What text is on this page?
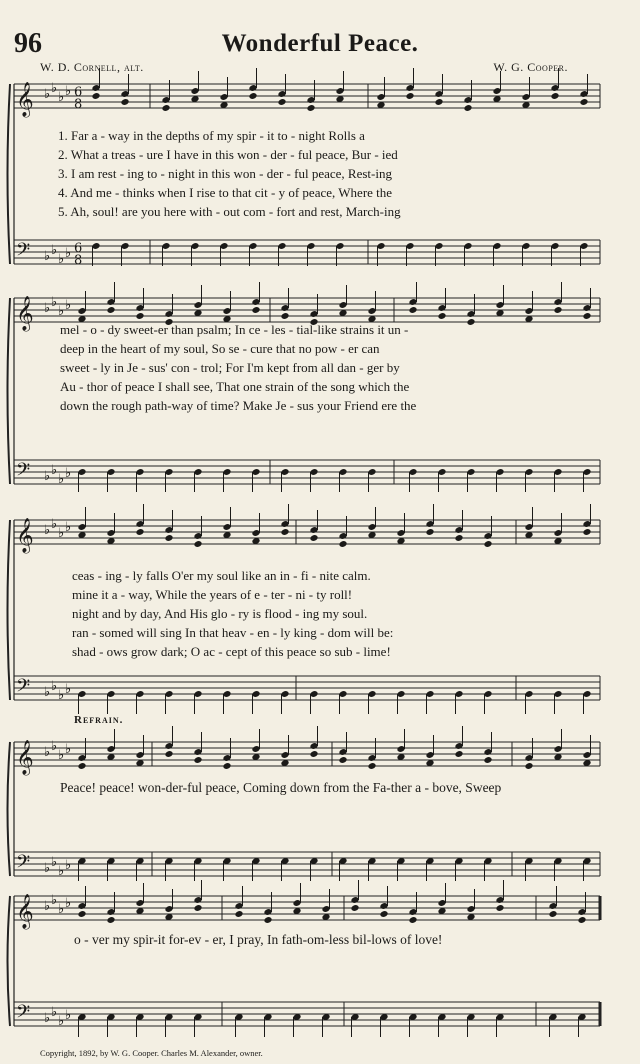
96	Wonderful Peace.
W. D. Cornell, alt.	W. G. Cooper.
𝄞 ♭ ♭
♭ ♭ 6
8
𝄢 ♭ ♭
♭ ♭ 6
8
𝄞 ♭ ♭
♭ ♭
𝄢 ♭ ♭
♭ ♭
𝄞 ♭ ♭
♭ ♭
𝄢 ♭ ♭
♭ ♭
𝄞 ♭ ♭
♭ ♭
𝄢 ♭ ♭
♭ ♭
𝄞 ♭ ♭
♭ ♭
𝄢 ♭ ♭
♭ ♭
1. Far a - way in the depths of my spir - it to - night Rolls a
2. What a treas - ure I have in this won - der - ful peace, Bur - ied
3. I am rest - ing to - night in this won - der - ful peace, Rest-ing
4. And me - thinks when I rise to that cit - y of peace, Where the
5. Ah, soul! are you here with - out com - fort and rest, March-ing
mel - o - dy sweet-er than psalm; In ce - les - tial-like strains it un -
deep in the heart of my soul, So se - cure that no pow - er can
sweet - ly in Je - sus' con - trol; For I'm kept from all dan - ger by
Au - thor of peace I shall see, That one strain of the song which the
down the rough path-way of time? Make Je - sus your Friend ere the
ceas - ing - ly falls O'er my soul like an in - fi - nite calm.
mine it a - way, While the years of e - ter - ni - ty roll!
night and by day, And His glo - ry is flood - ing my soul.
ran - somed will sing In that heav - en - ly king - dom will be:
shad - ows grow dark; O ac - cept of this peace so sub - lime!
Refrain.
Peace! peace! won-der-ful peace, Coming down from the Fa-ther a - bove, Sweep
o - ver my spir-it for-ev - er, I pray, In fath-om-less bil-lows of love!
Copyright, 1892, by W. G. Cooper. Charles M. Alexander, owner.
